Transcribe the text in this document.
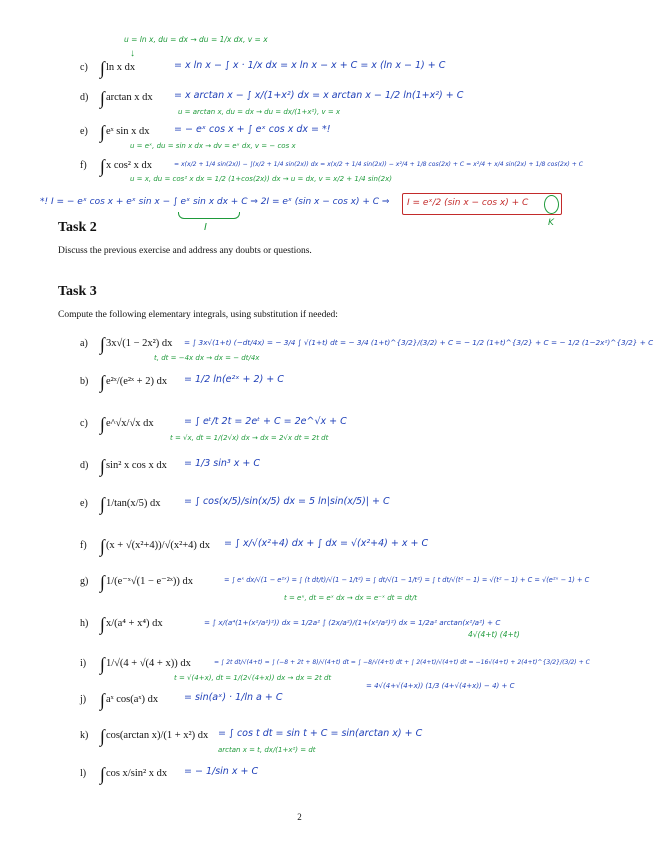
u = ln x, du = dx → du = 1/x dx, v = x
↓
c) ∫ln x dx	= x ln x − ∫ x · 1/x dx = x ln x − x + C = x (ln x − 1) + C
d) ∫arctan x dx = x arctan x − ∫ x/(1+x²) dx = x arctan x − 1/2 ln(1+x²) + C
u = arctan x, du = dx → du = dx/(1+x²), v = x
e) ∫eˣ sin x dx	= − eˣ cos x + ∫ eˣ cos x dx = *!
u = eˣ, du = sin x dx → dv = eˣ dx, v = − cos x
f) ∫x cos² x dx	= x(x/2 + 1/4 sin(2x)) − ∫(x/2 + 1/4 sin(2x)) dx = x(x/2 + 1/4 sin(2x)) − x²/4 + 1/8 cos(2x) + C = x²/4 + x/4 sin(2x) + 1/8 cos(2x) + C
u = x, du = cos² x dx = 1/2 (1+cos(2x)) dx → u = dx, v = x/2 + 1/4 sin(2x)
*! I = − eˣ cos x + eˣ sin x − ∫ eˣ sin x dx + C ⇒ 2I = eˣ (sin x − cos x) + C ⇒ I = eˣ/2 (sin x − cos x) + C
I	K
Task 2
Discuss the previous exercise and address any doubts or questions.
Task 3
Compute the following elementary integrals, using substitution if needed:
a) ∫3x√(1 − 2x²) dx = ∫ 3x√(1+t) (−dt/4x) = − 3/4 ∫ √(1+t) dt = − 3/4 (1+t)^{3/2}/(3/2) + C = − 1/2 (1+t)^{3/2} + C = − 1/2 (1−2x²)^{3/2} + C
t, dt = −4x dx → dx = − dt/4x
b) ∫e²ˣ/(e²ˣ + 2) dx = 1/2 ln(e²ˣ + 2) + C
c) ∫e^√x/√x dx	= ∫ eᵗ/t 2t = 2eᵗ + C = 2e^√x + C
t = √x, dt = 1/(2√x) dx → dx = 2√x dt = 2t dt
d) ∫sin² x cos x dx = 1/3 sin³ x + C
e) ∫1/tan(x/5) dx = ∫ cos(x/5)/sin(x/5) dx = 5 ln|sin(x/5)| + C
f) ∫(x + √(x²+4))/√(x²+4) dx = ∫ x/√(x²+4) dx + ∫ dx = √(x²+4) + x + C
g) ∫1/(e⁻ˣ√(1 − e⁻²ˣ)) dx	= ∫ eˣ dx/√(1 − e²ˣ) = ∫ (t dt/t)/√(1 − 1/t²) = ∫ dt/√(1 − 1/t²) = ∫ t dt/√(t² − 1) = √(t² − 1) + C = √(e²ˣ − 1) + C
t = eˣ, dt = eˣ dx → dx = e⁻ˣ dt = dt/t
h) ∫x/(a⁴ + x⁴) dx	= ∫ x/(a⁴(1+(x²/a²)²)) dx = 1/2a² ∫ (2x/a²)/(1+(x²/a²)²) dx = 1/2a² arctan(x²/a²) + C
i) ∫1/√(4 + √(4 + x)) dx	= ∫ 2t dt/√(4+t) = ∫ (−8 + 2t + 8)/√(4+t) dt = ∫ −8/√(4+t) dt + ∫ 2(4+t)/√(4+t) dt = −16√(4+t) + 2(4+t)^{3/2}/(3/2) + C
t = √(4+x), dt = 1/(2√(4+x)) dx → dx = 2t dt
4√(4+t) (4+t)
= 4√(4+√(4+x)) (1/3 (4+√(4+x)) − 4) + C
j) ∫aˣ cos(aˣ) dx	= sin(aˣ) · 1/ln a + C
k) ∫cos(arctan x)/(1 + x²) dx = ∫ cos t dt = sin t + C = sin(arctan x) + C
arctan x = t, dx/(1+x²) = dt
l) ∫cos x/sin² x dx = − 1/sin x + C
2
